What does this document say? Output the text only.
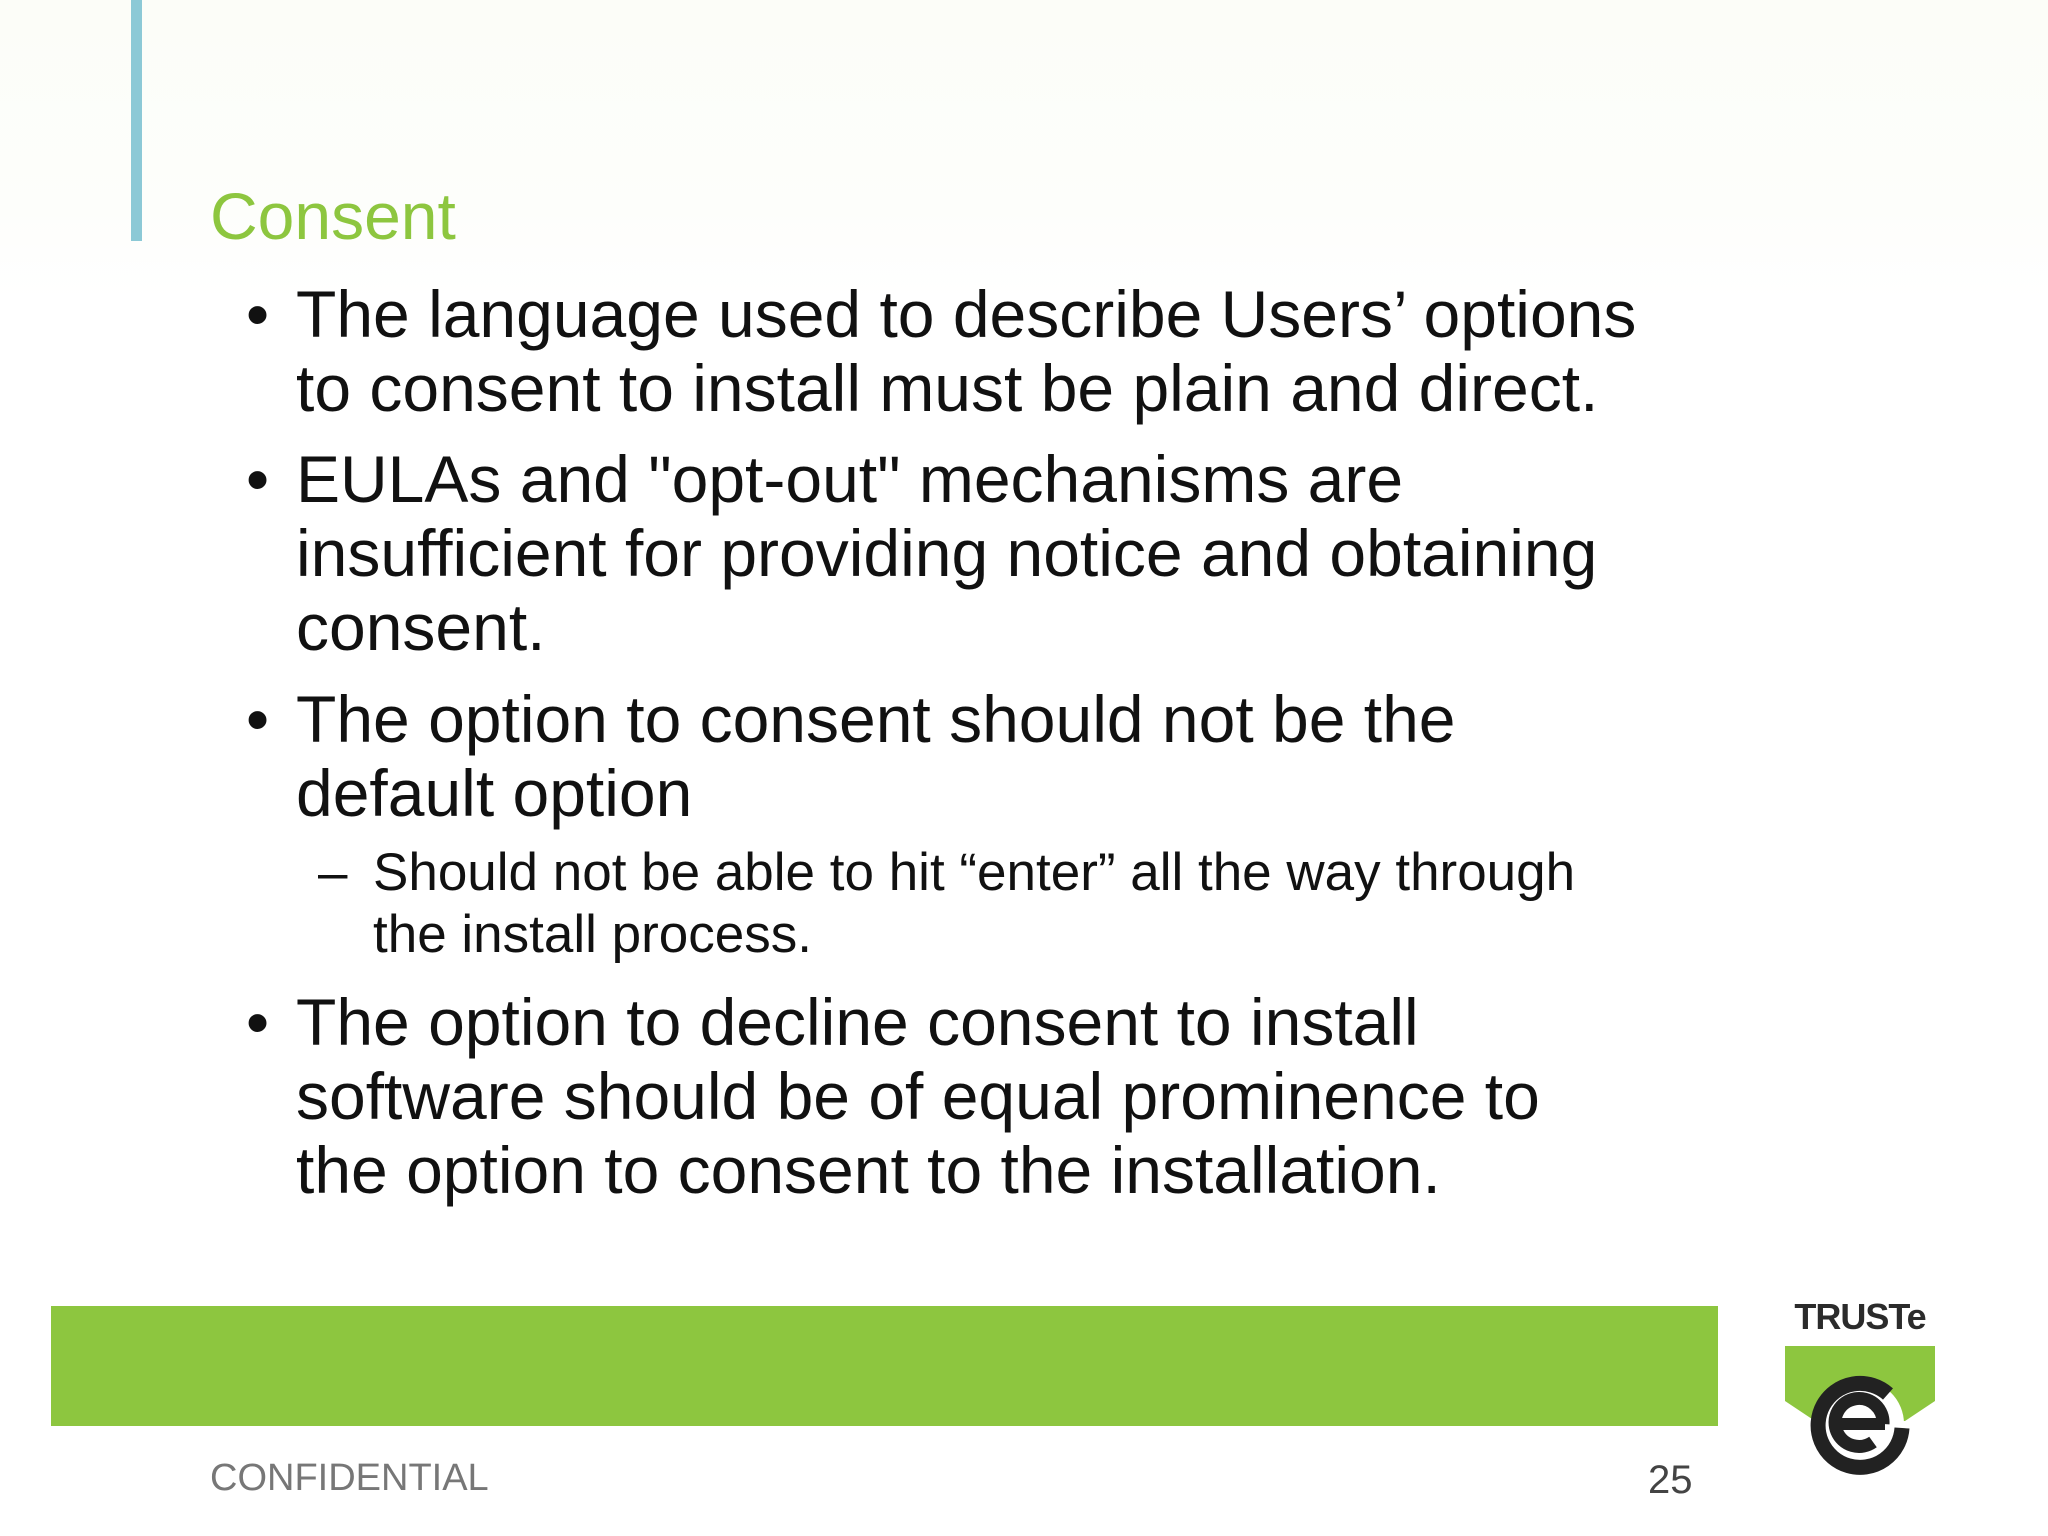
Consent
• The language used to describe Users’ options
to consent to install must be plain and direct.
• EULAs and "opt-out" mechanisms are
insufficient for providing notice and obtaining
consent.
• The option to consent should not be the
default option
– Should not be able to hit “enter” all the way through
the install process.
• The option to decline consent to install
software should be of equal prominence to
the option to consent to the installation.
CONFIDENTIAL	25
TRUSTe
